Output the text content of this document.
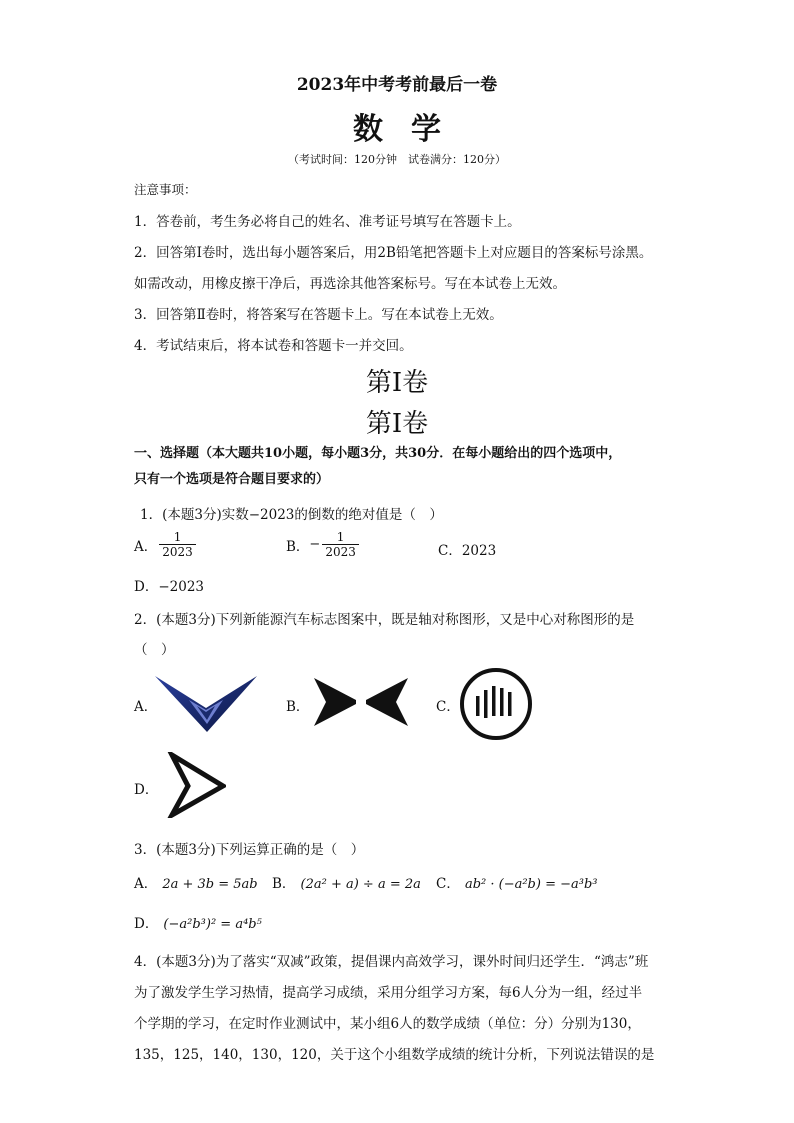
2023年中考考前最后一卷
数学
（考试时间：120分钟　试卷满分：120分）
注意事项：
1．答卷前，考生务必将自己的姓名、准考证号填写在答题卡上。
2．回答第Ⅰ卷时，选出每小题答案后，用2B铅笔把答题卡上对应题目的答案标号涂黑。
如需改动，用橡皮擦干净后，再选涂其他答案标号。写在本试卷上无效。
3．回答第Ⅱ卷时，将答案写在答题卡上。写在本试卷上无效。
4．考试结束后，将本试卷和答题卡一并交回。
第Ⅰ卷
第Ⅰ卷
一、选择题（本大题共10小题，每小题3分，共30分．在每小题给出的四个选项中，
只有一个选项是符合题目要求的）
1．(本题3分)实数−2023的倒数的绝对值是（　）
A． $\frac{1}{2023}$	B． − $\frac{1}{2023}$	C．2023
D．−2023
2．(本题3分)下列新能源汽车标志图案中，既是轴对称图形，又是中心对称图形的是
（　）
A．	B．	C．
D．
3．(本题3分)下列运算正确的是（　）
A． 2a + 3b = 5ab B． (2a² + a) ÷ a = 2a C． ab² · (−a²b) = −a³b³
D． (−a²b³)² = a⁴b⁵
4．(本题3分)为了落实“双减”政策，提倡课内高效学习，课外时间归还学生．“鸿志”班
为了激发学生学习热情，提高学习成绩，采用分组学习方案，每6人分为一组，经过半
个学期的学习，在定时作业测试中，某小组6人的数学成绩（单位：分）分别为130，
135，125，140，130，120，关于这个小组数学成绩的统计分析，下列说法错误的是
